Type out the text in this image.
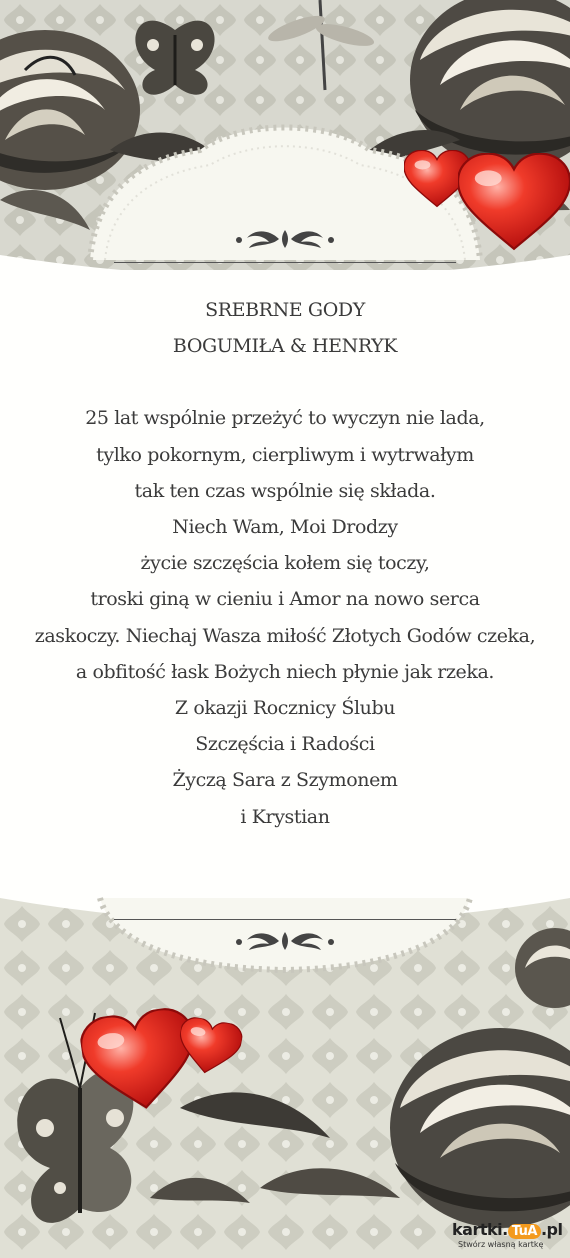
SREBRNE GODY
BOGUMIŁA & HENRYK
25 lat wspólnie przeżyć to wyczyn nie lada,
tylko pokornym, cierpliwym i wytrwałym
tak ten czas wspólnie się składa.
Niech Wam, Moi Drodzy
życie szczęścia kołem się toczy,
troski giną w cieniu i Amor na nowo serca
zaskoczy. Niechaj Wasza miłość Złotych Godów czeka,
a obfitość łask Bożych niech płynie jak rzeka.
Z okazji Rocznicy Ślubu
Szczęścia i Radości
Życzą Sara z Szymonem
i Krystian
kartki. TuA .pl
Stwórz własną kartkę
